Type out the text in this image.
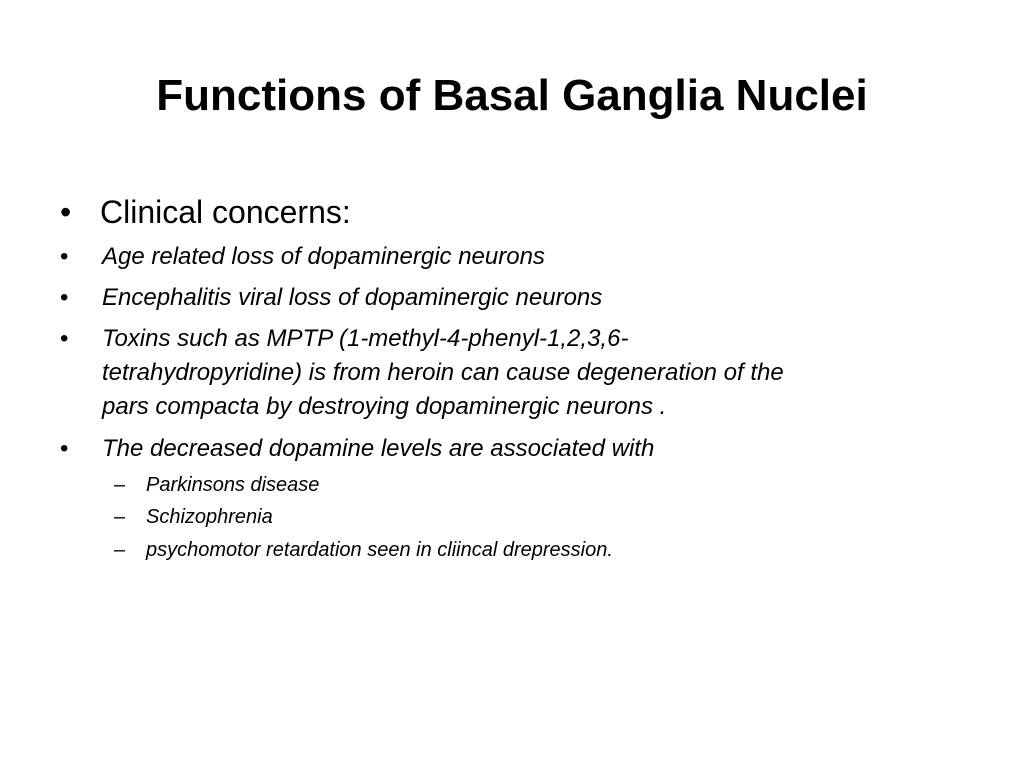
Functions of Basal Ganglia Nuclei
• Clinical concerns:
• Age related loss of dopaminergic neurons
• Encephalitis viral loss of dopaminergic neurons
• Toxins such as MPTP (1-methyl-4-phenyl-1,2,3,6-
tetrahydropyridine) is from heroin can cause degeneration of the
pars compacta by destroying dopaminergic neurons .
• The decreased dopamine levels are associated with
– Parkinsons disease
– Schizophrenia
– psychomotor retardation seen in cliincal drepression.
